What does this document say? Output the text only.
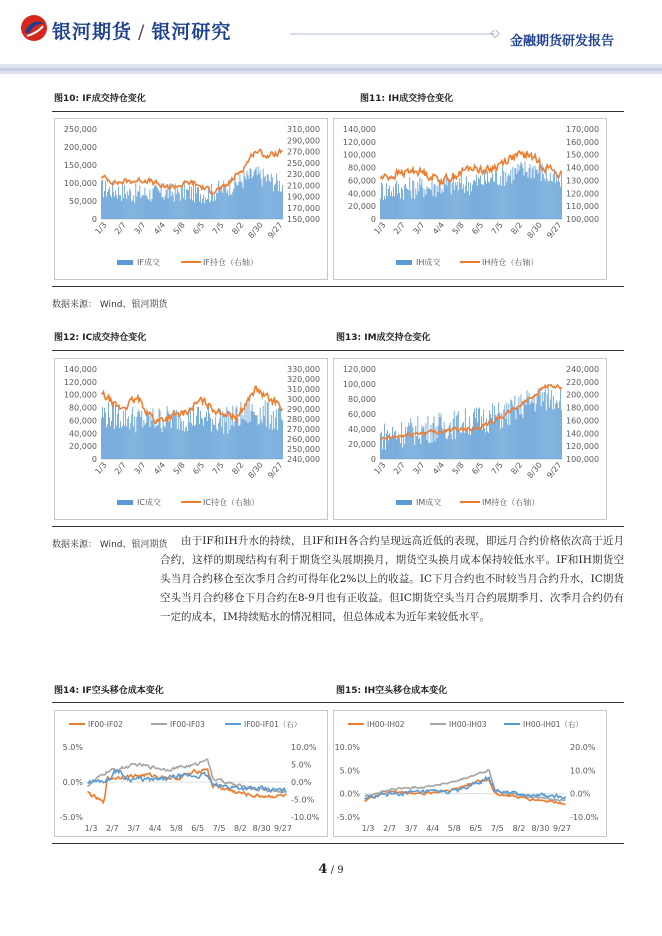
银河期货 / 银河研究	金融期货研发报告
图10: IF成交持仓变化	图11: IH成交持仓变化
250,000
200,000
150,000
100,000
50,000
0
310,000
290,000
270,000
250,000
230,000
210,000
190,000
170,000
150,000
1/3 2/7 3/7 4/4 5/8 6/5 7/5 8/2 8/30 9/27
IF成交	IF持仓（右轴）
140,000
120,000
100,000
80,000
60,000
40,000
20,000
0
170,000
160,000
150,000
140,000
130,000
120,000
110,000
100,000
1/3 2/7 3/7 4/4 5/8 6/5 7/5 8/2 8/30 9/27
IH成交	IH持仓（右轴）
数据来源： Wind、银河期货
图12: IC成交持仓变化	图13: IM成交持仓变化
140,000
120,000
100,000
80,000
60,000
40,000
20,000
0
330,000
320,000
310,000
300,000
290,000
280,000
270,000
260,000
250,000
240,000
1/3 2/7 3/7 4/4 5/8 6/5 7/5 8/2 8/30 9/27
IC成交	IC持仓（右轴）
120,000
100,000
80,000
60,000
40,000
20,000
0
240,000
220,000
200,000
180,000
160,000
140,000
120,000
100,000
1/3 2/7 3/7 4/4 5/8 6/5 7/5 8/2 8/30 9/27
IM成交	IM持仓（右轴）
数据来源： Wind、银河期货	由于IF和IH升水的持续，且IF和IH各合约呈现远高近低的表现，即远月合约价格依次高于近月合约，这样的期现结构有利于期货空头展期换月，期货空头换月成本保持较低水平。IF和IH期货空头当月合约移仓至次季月合约可得年化2%以上的收益。IC下月合约也不时较当月合约升水，IC期货空头当月合约移仓下月合约在8-9月也有正收益。但IC期货空头当月合约展期季月、次季月合约仍有一定的成本，IM持续贴水的情况相同，但总体成本为近年来较低水平。
图14: IF空头移仓成本变化	图15: IH空头移仓成本变化
5.0%
0.0%
-5.0%
10.0%
5.0%
0.0%
-5.0%
-10.0%
1/3 2/7 3/7 4/4 5/8 6/5 7/5 8/2 8/30 9/27
IF00-IF02	IF00-IF03	IF00-IF01（右）
10.0%
5.0%
0.0%
-5.0%
20.0%
10.0%
0.0%
-10.0%
1/3 2/7 3/7 4/4 5/8 6/5 7/5 8/2 8/30 9/27
IH00-IH02	IH00-IH03	IH00-IH01（右）
4 / 9
